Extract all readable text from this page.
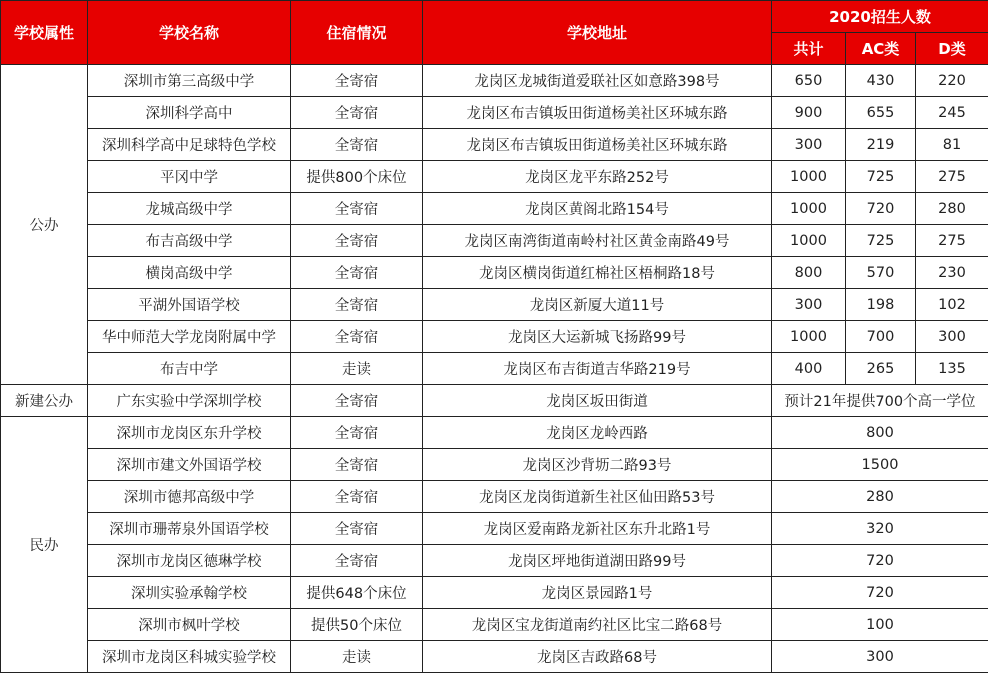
学校属性	学校名称	住宿情况	学校地址	2020招生人数		
				共计	AC类	D类
公办	深圳市第三高级中学	全寄宿	龙岗区龙城街道爱联社区如意路398号	650	430	220
	深圳科学高中	全寄宿	龙岗区布吉镇坂田街道杨美社区环城东路	900	655	245
	深圳科学高中足球特色学校	全寄宿	龙岗区布吉镇坂田街道杨美社区环城东路	300	219	81
	平冈中学	提供800个床位	龙岗区龙平东路252号	1000	725	275
	龙城高级中学	全寄宿	龙岗区黄阁北路154号	1000	720	280
	布吉高级中学	全寄宿	龙岗区南湾街道南岭村社区黄金南路49号	1000	725	275
	横岗高级中学	全寄宿	龙岗区横岗街道红棉社区梧桐路18号	800	570	230
	平湖外国语学校	全寄宿	龙岗区新厦大道11号	300	198	102
	华中师范大学龙岗附属中学	全寄宿	龙岗区大运新城飞扬路99号	1000	700	300
	布吉中学	走读	龙岗区布吉街道吉华路219号	400	265	135
新建公办	广东实验中学深圳学校	全寄宿	龙岗区坂田街道	预计21年提供700个高一学位		
民办	深圳市龙岗区东升学校	全寄宿	龙岗区龙岭西路	800		
	深圳市建文外国语学校	全寄宿	龙岗区沙背坜二路93号	1500		
	深圳市德邦高级中学	全寄宿	龙岗区龙岗街道新生社区仙田路53号	280		
	深圳市珊蒂泉外国语学校	全寄宿	龙岗区爱南路龙新社区东升北路1号	320		
	深圳市龙岗区德琳学校	全寄宿	龙岗区坪地街道湖田路99号	720		
	深圳实验承翰学校	提供648个床位	龙岗区景园路1号	720		
	深圳市枫叶学校	提供50个床位	龙岗区宝龙街道南约社区比宝二路68号	100		
	深圳市龙岗区科城实验学校	走读	龙岗区吉政路68号	300		
